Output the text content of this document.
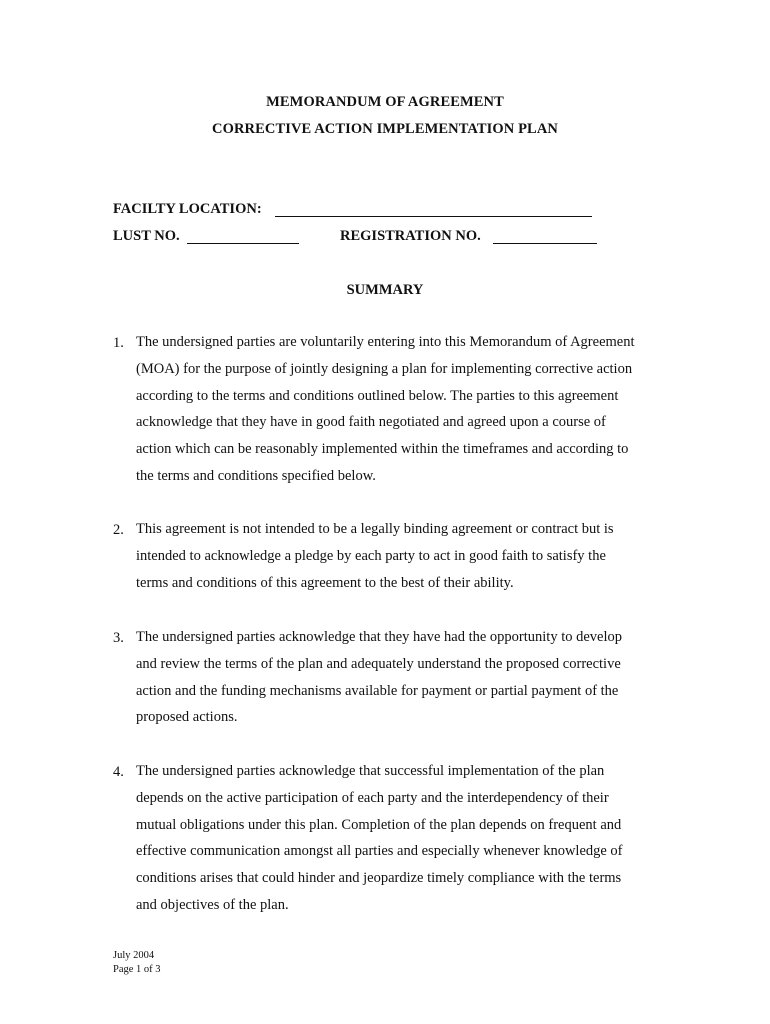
MEMORANDUM OF AGREEMENT
CORRECTIVE ACTION IMPLEMENTATION PLAN
FACILTY LOCATION:
LUST NO.	REGISTRATION NO.
SUMMARY
1. The undersigned parties are voluntarily entering into this Memorandum of Agreement
(MOA) for the purpose of jointly designing a plan for implementing corrective action
according to the terms and conditions outlined below. The parties to this agreement
acknowledge that they have in good faith negotiated and agreed upon a course of
action which can be reasonably implemented within the timeframes and according to
the terms and conditions specified below.
2. This agreement is not intended to be a legally binding agreement or contract but is
intended to acknowledge a pledge by each party to act in good faith to satisfy the
terms and conditions of this agreement to the best of their ability.
3. The undersigned parties acknowledge that they have had the opportunity to develop
and review the terms of the plan and adequately understand the proposed corrective
action and the funding mechanisms available for payment or partial payment of the
proposed actions.
4. The undersigned parties acknowledge that successful implementation of the plan
depends on the active participation of each party and the interdependency of their
mutual obligations under this plan. Completion of the plan depends on frequent and
effective communication amongst all parties and especially whenever knowledge of
conditions arises that could hinder and jeopardize timely compliance with the terms
and objectives of the plan.
July 2004
Page 1 of 3
